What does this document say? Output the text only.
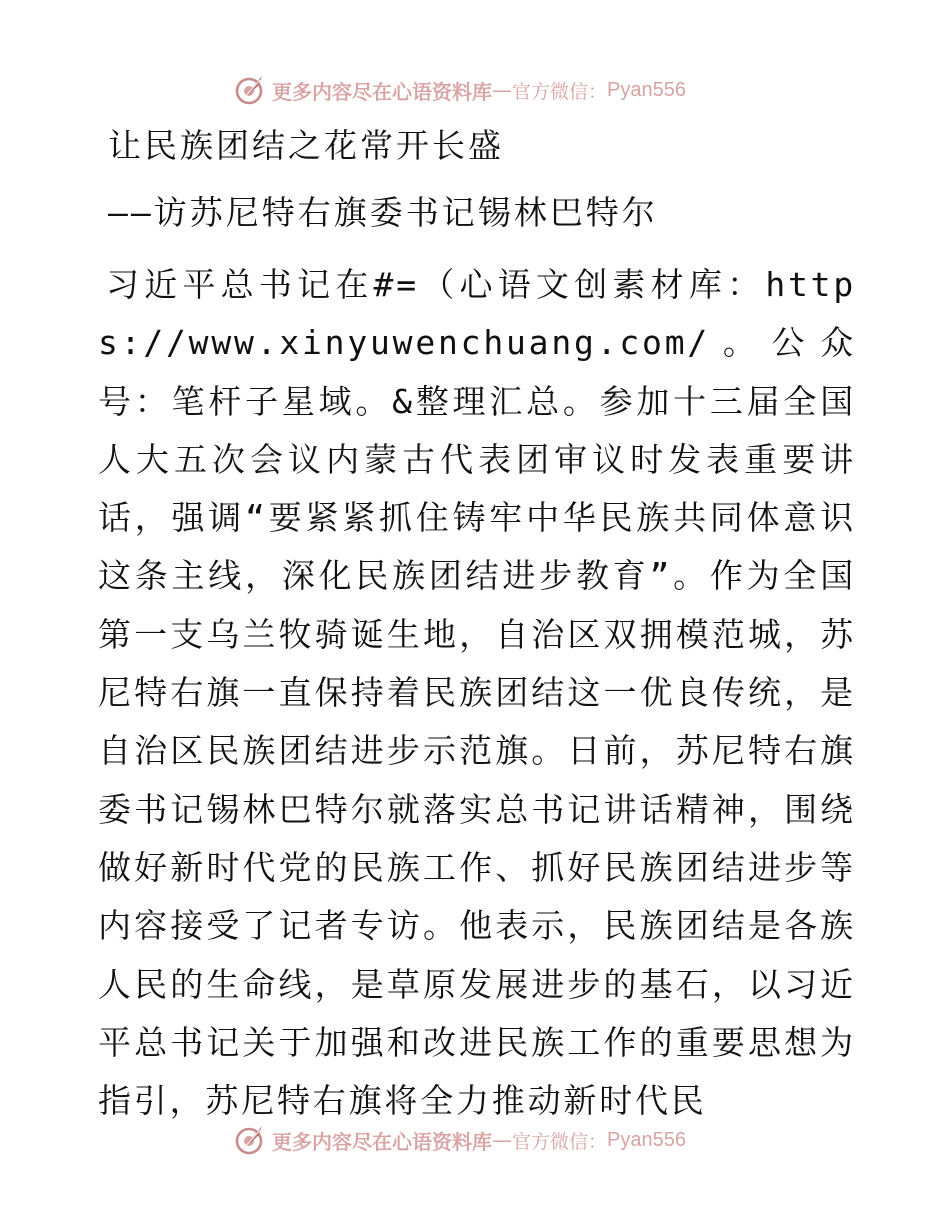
更多内容尽在心语资料库 — 官方微信： Pyan556
让民族团结之花常开长盛
——访苏尼特右旗委书记锡林巴特尔

习近平总书记在#=（心语文创素材库：https://www.xinyuwenchuang.com/。公众号：笔杆子星域。&整理汇总。参加十三届全国人大五次会议内蒙古代表团审议时发表重要讲话，强调“要紧紧抓住铸牢中华民族共同体意识这条主线，深化民族团结进步教育”。作为全国第一支乌兰牧骑诞生地，自治区双拥模范城，苏尼特右旗一直保持着民族团结这一优良传统，是自治区民族团结进步示范旗。日前，苏尼特右旗委书记锡林巴特尔就落实总书记讲话精神，围绕做好新时代党的民族工作、抓好民族团结进步等内容接受了记者专访。他表示，民族团结是各族人民的生命线，是草原发展进步的基石，以习近平总书记关于加强和改进民族工作的重要思想为指引，苏尼特右旗将全力推动新时代民

更多内容尽在心语资料库 — 官方微信： Pyan556
